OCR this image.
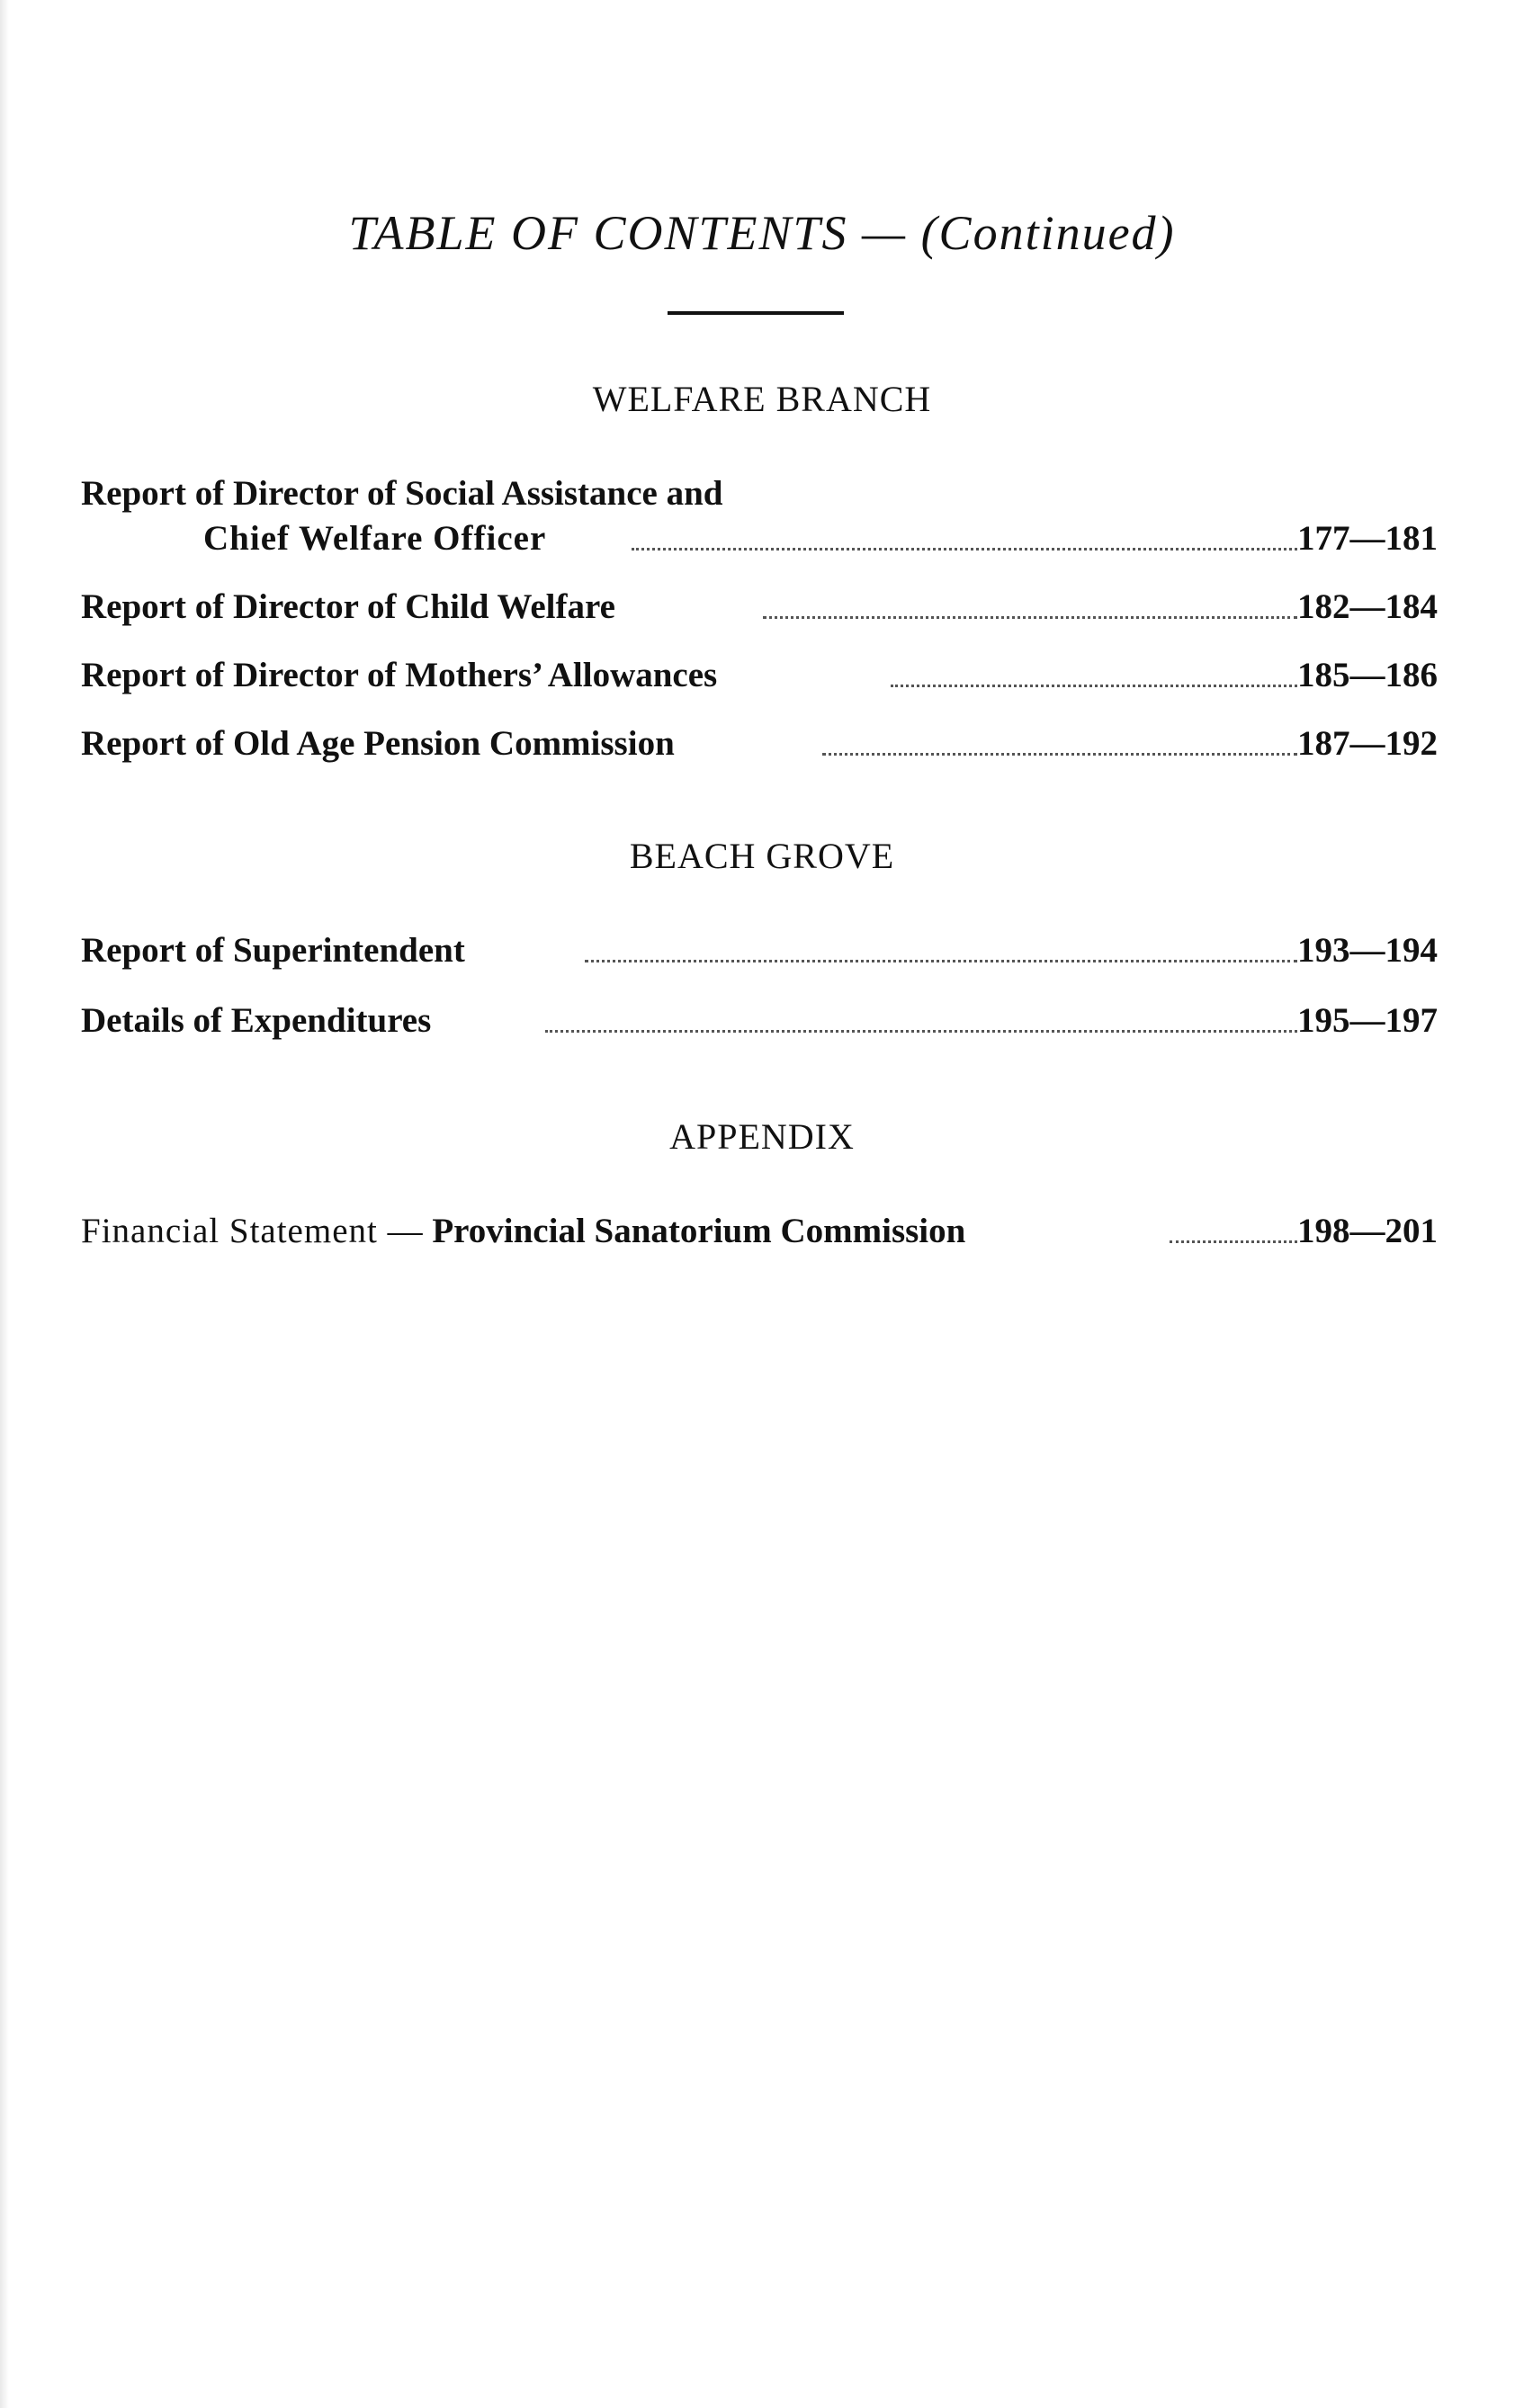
TABLE OF CONTENTS — (Continued)
WELFARE BRANCH
Report of Director of Social Assistance and
Chief Welfare Officer	177—181
Report of Director of Child Welfare	182—184
Report of Director of Mothers’ Allowances	185—186
Report of Old Age Pension Commission	187—192
BEACH GROVE
Report of Superintendent	193—194
Details of Expenditures	195—197
APPENDIX
Financial Statement — Provincial Sanatorium Commission	198—201
